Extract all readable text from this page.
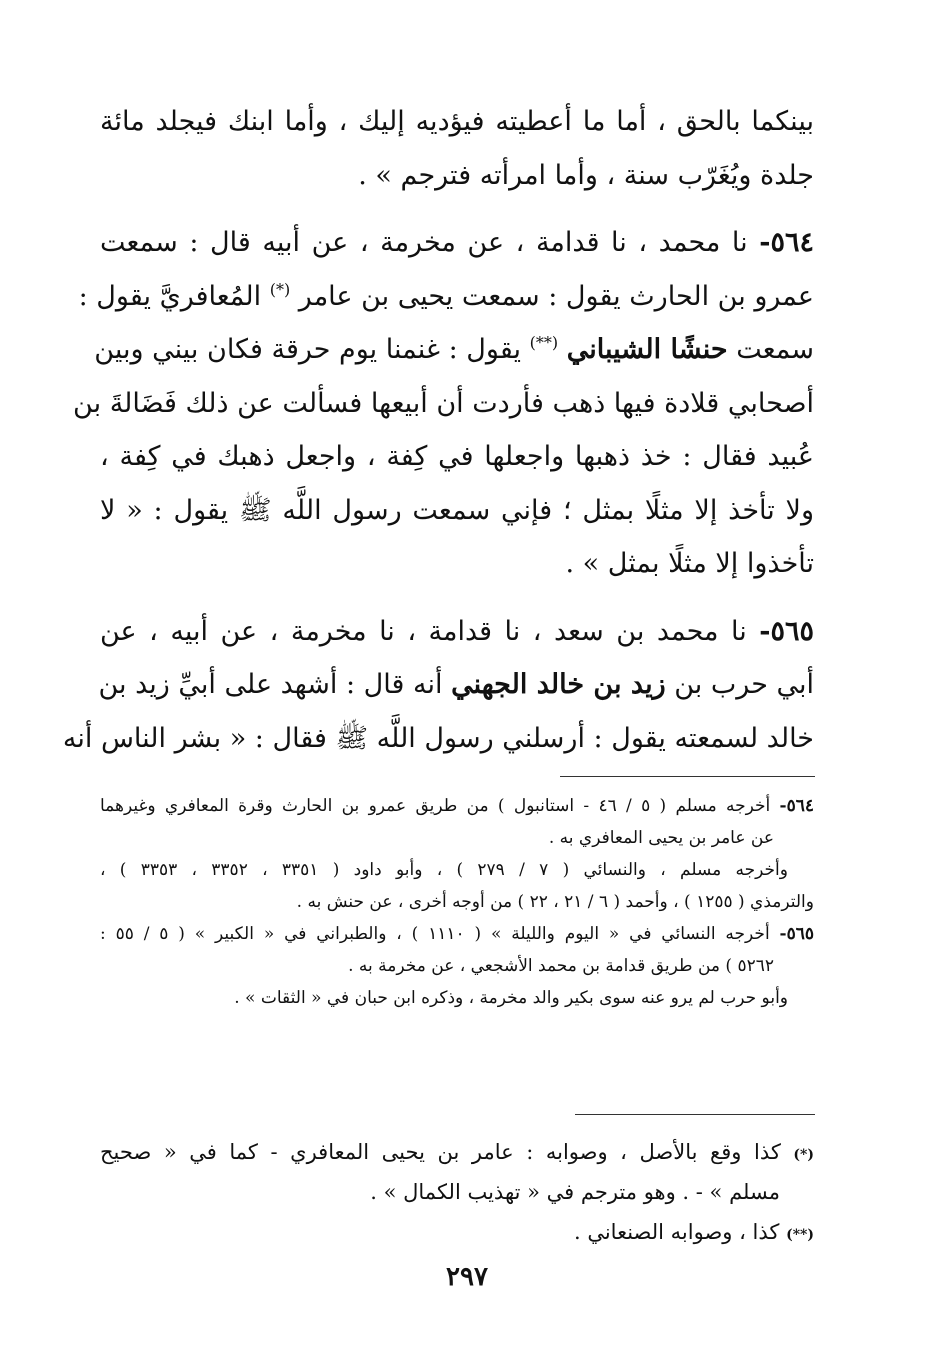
بينكما بالحق ، أما ما أعطيته فيؤديه إليك ، وأما ابنك فيجلد مائة
جلدة ويُغَرّب سنة ، وأما امرأته فترجم » .
٥٦٤- نا محمد ، نا قدامة ، عن مخرمة ، عن أبيه قال : سمعت
عمرو بن الحارث يقول : سمعت يحيى بن عامر (*) المُعافريَّ يقول :
سمعت حنشًا الشيباني (**) يقول : غنمنا يوم حرقة فكان بيني وبين
أصحابي قلادة فيها ذهب فأردت أن أبيعها فسألت عن ذلك فَضَالةَ بن
عُبيد فقال : خذ ذهبها واجعلها في كِفة ، واجعل ذهبك في كِفة ،
ولا تأخذ إلا مثلًا بمثل ؛ فإني سمعت رسول اللَّه ﷺ يقول : « لا
تأخذوا إلا مثلًا بمثل » .
٥٦٥- نا محمد بن سعد ، نا قدامة ، نا مخرمة ، عن أبيه ، عن
أبي حرب بن زيد بن خالد الجهني أنه قال : أشهد على أبيِّ زيد بن
خالد لسمعته يقول : أرسلني رسول اللَّه ﷺ فقال : « بشر الناس أنه
٥٦٤- أخرجه مسلم ( ٥ / ٤٦ - استانبول ) من طريق عمرو بن الحارث وقرة المعافري وغيرهما
عن عامر بن يحيى المعافري به .
وأخرجه مسلم ، والنسائي ( ٧ / ٢٧٩ ) ، وأبو داود ( ٣٣٥١ ، ٣٣٥٢ ، ٣٣٥٣ ) ،
والترمذي ( ١٢٥٥ ) ، وأحمد ( ٦ / ٢١ ، ٢٢ ) من أوجه أخرى ، عن حنش به .
٥٦٥- أخرجه النسائي في « اليوم والليلة » ( ١١١٠ ) ، والطبراني في « الكبير » ( ٥ / ٥٥ :
٥٢٦٢ ) من طريق قدامة بن محمد الأشجعي ، عن مخرمة به .
وأبو حرب لم يرو عنه سوى بكير والد مخرمة ، وذكره ابن حبان في « الثقات » .
(*) كذا وقع بالأصل ، وصوابه : عامر بن يحيى المعافري - كما في « صحيح
مسلم » - . وهو مترجم في « تهذيب الكمال » .
(**) كذا ، وصوابه الصنعاني .
٢٩٧
